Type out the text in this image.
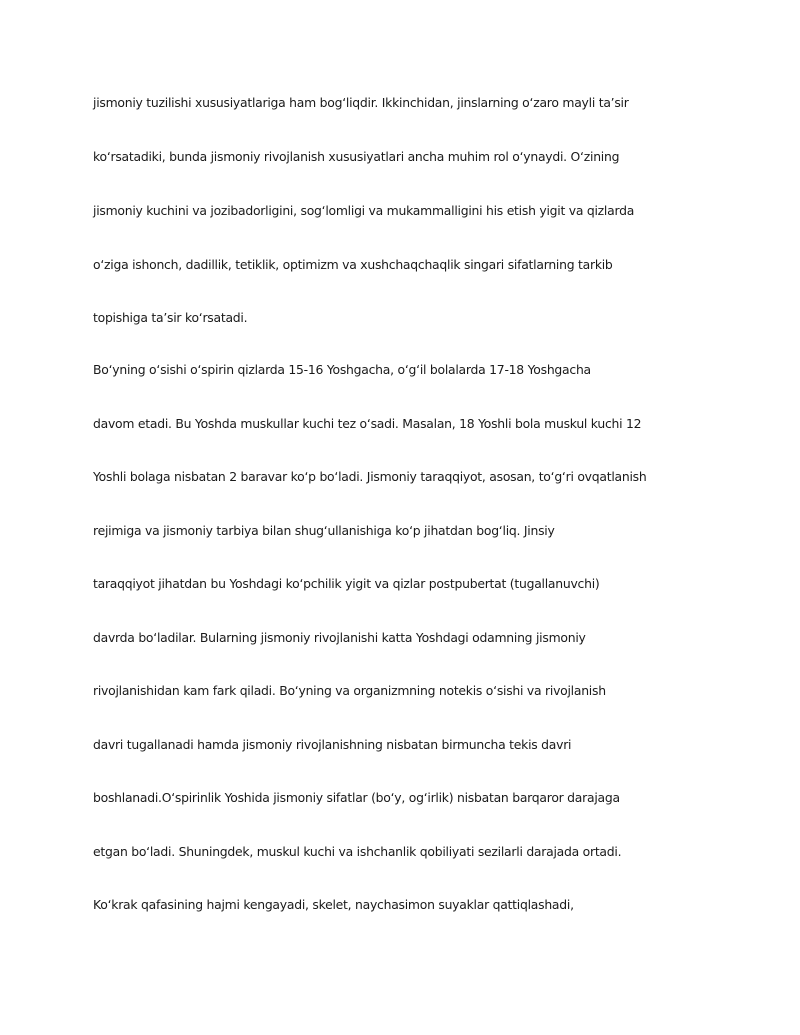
jismoniy tuzilishi xususiyatlariga ham bog‘liqdir. Ikkinchidan, jinslarning o‘zaro mayli ta’sir
ko‘rsatadiki, bunda jismoniy rivojlanish xususiyatlari ancha muhim rol o‘ynaydi. O‘zining
jismoniy kuchini va jozibadorligini, sog‘lomligi va mukammalligini his etish yigit va qizlarda
o‘ziga ishonch, dadillik, tetiklik, optimizm va xushchaqchaqlik singari sifatlarning tarkib
topishiga ta’sir ko‘rsatadi.
Bo‘yning o‘sishi o‘spirin qizlarda 15-16 Yoshgacha, o‘g‘il bolalarda 17-18 Yoshgacha
davom etadi. Bu Yoshda muskullar kuchi tez o‘sadi. Masalan, 18 Yoshli bola muskul kuchi 12
Yoshli bolaga nisbatan 2 baravar ko‘p bo‘ladi. Jismoniy taraqqiyot, asosan, to‘g‘ri ovqatlanish
rejimiga va jismoniy tarbiya bilan shug‘ullanishiga ko‘p jihatdan bog‘liq. Jinsiy
taraqqiyot jihatdan bu Yoshdagi ko‘pchilik yigit va qizlar postpubertat (tugallanuvchi)
davrda bo‘ladilar. Bularning jismoniy rivojlanishi katta Yoshdagi odamning jismoniy
rivojlanishidan kam fark qiladi. Bo‘yning va organizmning notekis o‘sishi va rivojlanish
davri tugallanadi hamda jismoniy rivojlanishning nisbatan birmuncha tekis davri
boshlanadi.O‘spirinlik Yoshida jismoniy sifatlar (bo‘y, og‘irlik) nisbatan barqaror darajaga
etgan bo‘ladi. Shuningdek, muskul kuchi va ishchanlik qobiliyati sezilarli darajada ortadi.
Ko‘krak qafasining hajmi kengayadi, skelet, naychasimon suyaklar qattiqlashadi,
